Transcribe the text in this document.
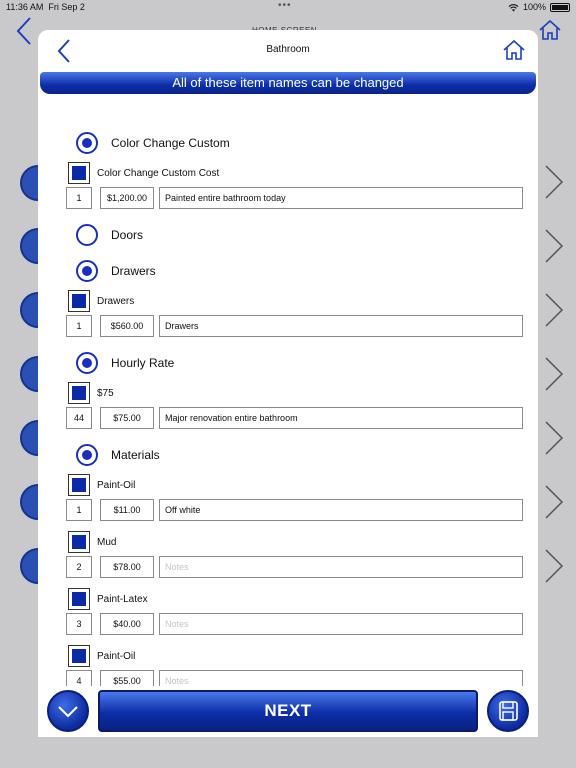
11:36 AM Fri Sep 2	•••	100%
Bathroom
All of these item names can be changed
Color Change Custom
Color Change Custom Cost
1	$1,200.00	Painted entire bathroom today
Doors
Drawers
Drawers
1	$560.00	Drawers
Hourly Rate
$75
44	$75.00	Major renovation entire bathroom
Materials
Paint-Oil
1	$11.00	Off white
Mud
2	$78.00	Notes
Paint-Latex
3	$40.00	Notes
Paint-Oil
4	$55.00	Notes
NEXT
